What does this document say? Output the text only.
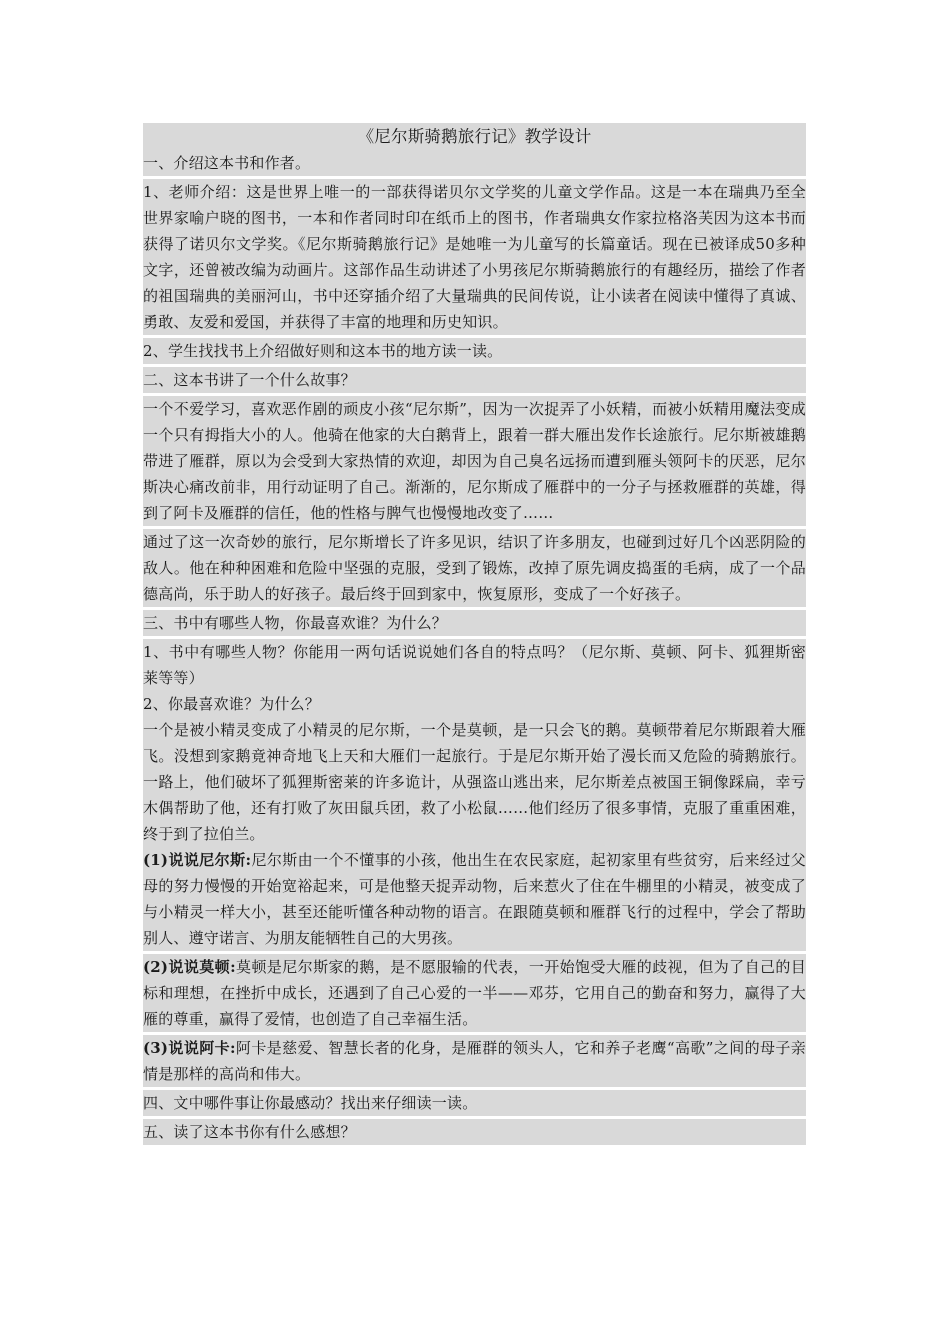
《尼尔斯骑鹅旅行记》教学设计
一、介绍这本书和作者。
1、老师介绍：这是世界上唯一的一部获得诺贝尔文学奖的儿童文学作品。这是一本在瑞典乃至全世界家喻户晓的图书，一本和作者同时印在纸币上的图书，作者瑞典女作家拉格洛芙因为这本书而获得了诺贝尔文学奖。《尼尔斯骑鹅旅行记》是她唯一为儿童写的长篇童话。现在已被译成50多种文字，还曾被改编为动画片。这部作品生动讲述了小男孩尼尔斯骑鹅旅行的有趣经历，描绘了作者的祖国瑞典的美丽河山，书中还穿插介绍了大量瑞典的民间传说，让小读者在阅读中懂得了真诚、勇敢、友爱和爱国，并获得了丰富的地理和历史知识。
2、学生找找书上介绍做好则和这本书的地方读一读。
二、这本书讲了一个什么故事？
一个不爱学习，喜欢恶作剧的顽皮小孩“尼尔斯”，因为一次捉弄了小妖精，而被小妖精用魔法变成一个只有拇指大小的人。他骑在他家的大白鹅背上，跟着一群大雁出发作长途旅行。尼尔斯被雄鹅带进了雁群，原以为会受到大家热情的欢迎，却因为自己臭名远扬而遭到雁头领阿卡的厌恶，尼尔斯决心痛改前非，用行动证明了自己。渐渐的，尼尔斯成了雁群中的一分子与拯救雁群的英雄，得到了阿卡及雁群的信任，他的性格与脾气也慢慢地改变了……
通过了这一次奇妙的旅行，尼尔斯增长了许多见识，结识了许多朋友，也碰到过好几个凶恶阴险的敌人。他在种种困难和危险中坚强的克服，受到了锻炼，改掉了原先调皮捣蛋的毛病，成了一个品德高尚，乐于助人的好孩子。最后终于回到家中，恢复原形，变成了一个好孩子。
三、书中有哪些人物，你最喜欢谁？为什么？
1、书中有哪些人物？你能用一两句话说说她们各自的特点吗？（尼尔斯、莫顿、阿卡、狐狸斯密莱等等）
2、你最喜欢谁？为什么？
一个是被小精灵变成了小精灵的尼尔斯，一个是莫顿，是一只会飞的鹅。莫顿带着尼尔斯跟着大雁飞。没想到家鹅竟神奇地飞上天和大雁们一起旅行。于是尼尔斯开始了漫长而又危险的骑鹅旅行。一路上，他们破坏了狐狸斯密莱的许多诡计，从强盗山逃出来，尼尔斯差点被国王铜像踩扁，幸亏木偶帮助了他，还有打败了灰田鼠兵团，救了小松鼠……他们经历了很多事情，克服了重重困难，终于到了拉伯兰。
(1)说说尼尔斯:尼尔斯由一个不懂事的小孩，他出生在农民家庭，起初家里有些贫穷，后来经过父母的努力慢慢的开始宽裕起来，可是他整天捉弄动物，后来惹火了住在牛棚里的小精灵，被变成了与小精灵一样大小，甚至还能听懂各种动物的语言。在跟随莫顿和雁群飞行的过程中，学会了帮助别人、遵守诺言、为朋友能牺牲自己的大男孩。
(2)说说莫顿:莫顿是尼尔斯家的鹅，是不愿服输的代表，一开始饱受大雁的歧视，但为了自己的目标和理想，在挫折中成长，还遇到了自己心爱的一半——邓芬，它用自己的勤奋和努力，赢得了大雁的尊重，赢得了爱情，也创造了自己幸福生活。
(3)说说阿卡:阿卡是慈爱、智慧长者的化身，是雁群的领头人，它和养子老鹰“高歌”之间的母子亲情是那样的高尚和伟大。
四、文中哪件事让你最感动？找出来仔细读一读。
五、读了这本书你有什么感想？
